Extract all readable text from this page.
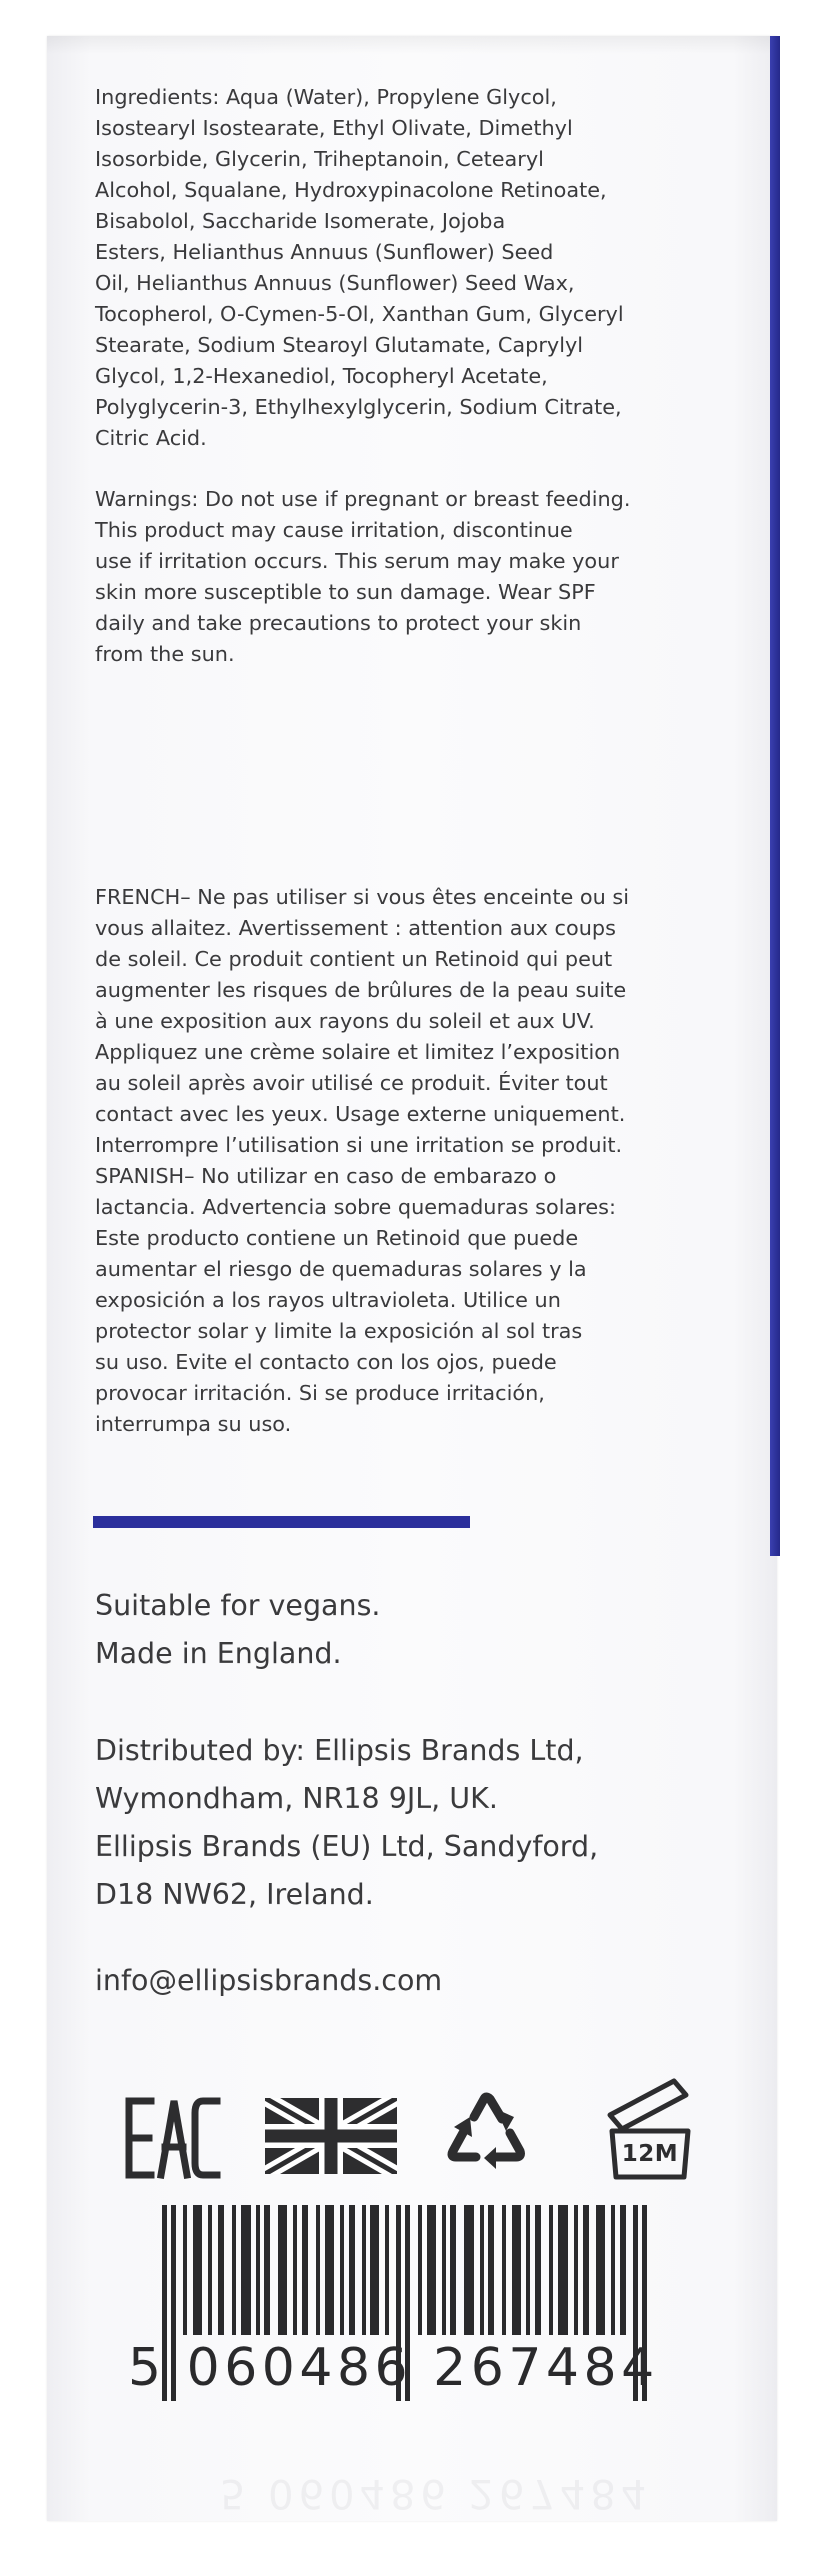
Ingredients: Aqua (Water), Propylene Glycol,
Isostearyl Isostearate, Ethyl Olivate, Dimethyl
Isosorbide, Glycerin, Triheptanoin, Cetearyl
Alcohol, Squalane, Hydroxypinacolone Retinoate,
Bisabolol, Saccharide Isomerate, Jojoba
Esters, Helianthus Annuus (Sunflower) Seed
Oil, Helianthus Annuus (Sunflower) Seed Wax,
Tocopherol, O-Cymen-5-Ol, Xanthan Gum, Glyceryl
Stearate, Sodium Stearoyl Glutamate, Caprylyl
Glycol, 1,2-Hexanediol, Tocopheryl Acetate,
Polyglycerin-3, Ethylhexylglycerin, Sodium Citrate,
Citric Acid.
Warnings: Do not use if pregnant or breast feeding.
This product may cause irritation, discontinue
use if irritation occurs. This serum may make your
skin more susceptible to sun damage. Wear SPF
daily and take precautions to protect your skin
from the sun.
FRENCH– Ne pas utiliser si vous êtes enceinte ou si
vous allaitez. Avertissement : attention aux coups
de soleil. Ce produit contient un Retinoid qui peut
augmenter les risques de brûlures de la peau suite
à une exposition aux rayons du soleil et aux UV.
Appliquez une crème solaire et limitez l’exposition
au soleil après avoir utilisé ce produit. Éviter tout
contact avec les yeux. Usage externe uniquement.
Interrompre l’utilisation si une irritation se produit.
SPANISH– No utilizar en caso de embarazo o
lactancia. Advertencia sobre quemaduras solares:
Este producto contiene un Retinoid que puede
aumentar el riesgo de quemaduras solares y la
exposición a los rayos ultravioleta. Utilice un
protector solar y limite la exposición al sol tras
su uso. Evite el contacto con los ojos, puede
provocar irritación. Si se produce irritación,
interrumpa su uso.
Suitable for vegans.
Made in England.
Distributed by: Ellipsis Brands Ltd,
Wymondham, NR18 9JL, UK.
Ellipsis Brands (EU) Ltd, Sandyford,
D18 NW62, Ireland.
info@ellipsisbrands.com
12M
5 060486 267484
5 060486 267484
